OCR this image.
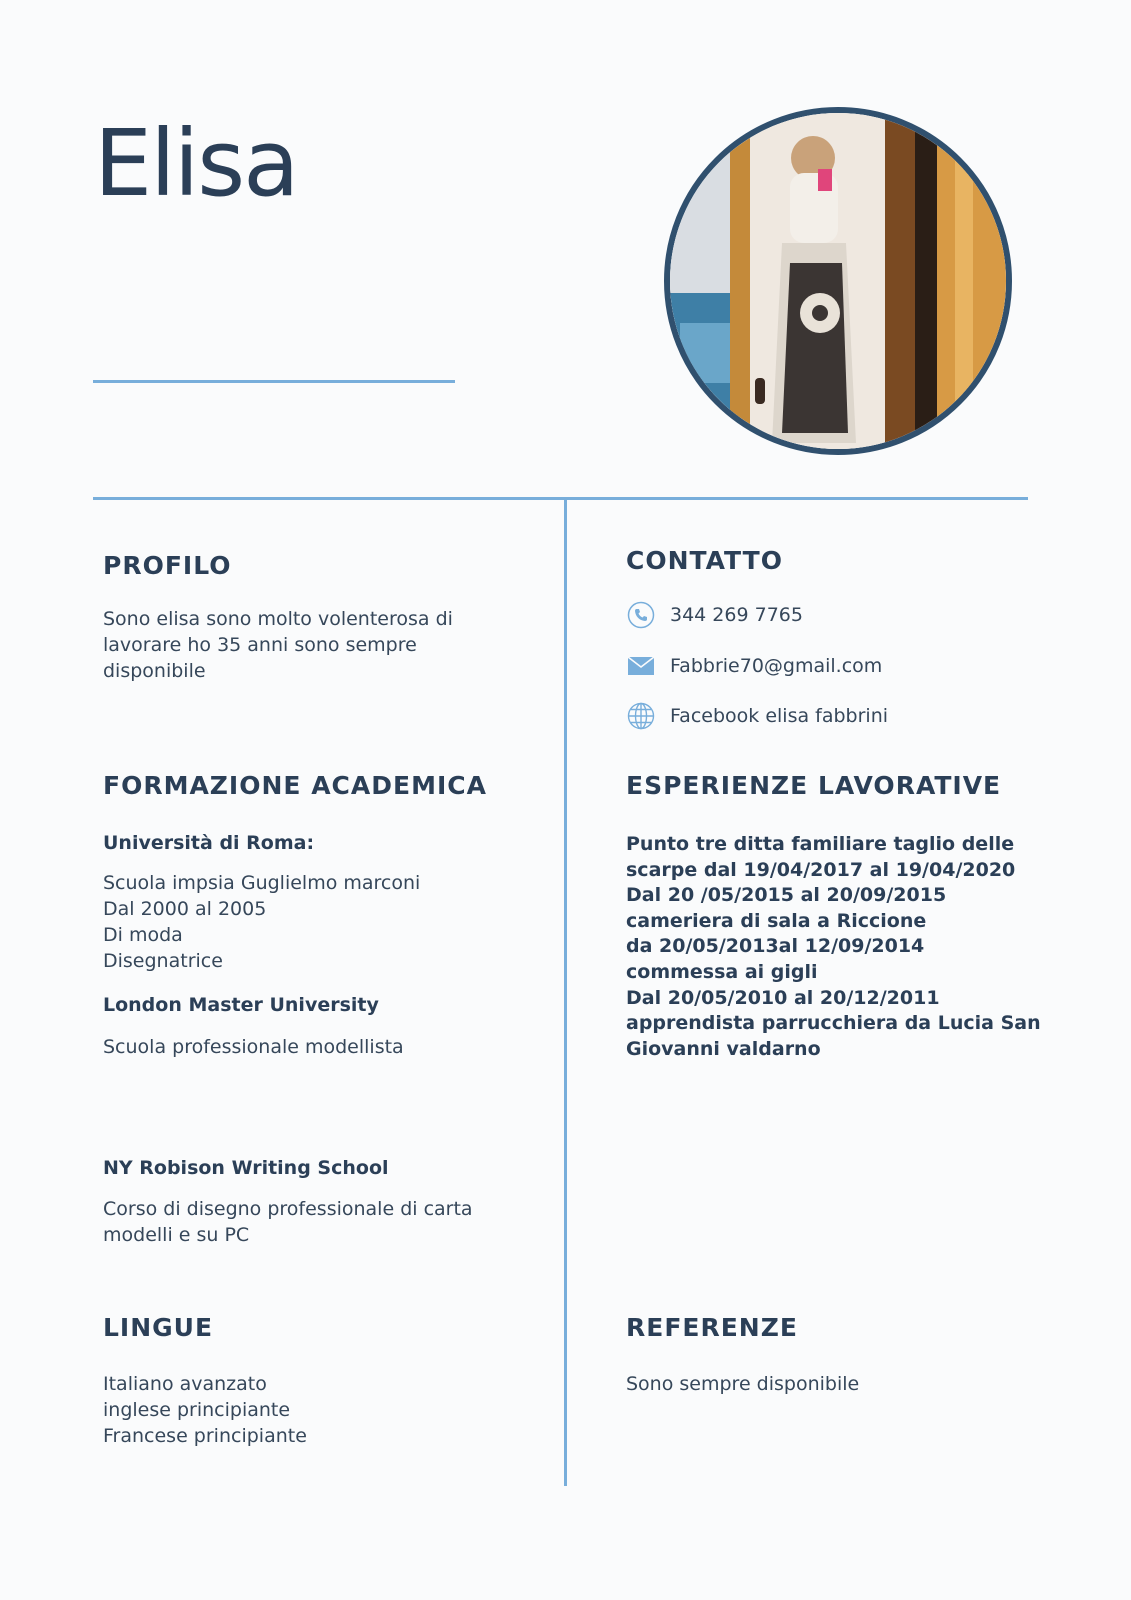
Elisa
PROFILO

Sono elisa sono molto volenterosa di
lavorare ho 35 anni sono sempre
disponibile

CONTATTO
344 269 7765
Fabbrie70@gmail.com
Facebook elisa fabbrini
FORMAZIONE ACADEMICA
Università di Roma:

Scuola impsia Guglielmo marconi
Dal 2000 al 2005
Di moda
Disegnatrice

London Master University

Scuola professionale modellista

NY Robison Writing School

Corso di disegno professionale di carta
modelli e su PC

ESPERIENZE LAVORATIVE
Punto tre ditta familiare taglio delle
scarpe dal 19/04/2017 al 19/04/2020
Dal 20 /05/2015 al 20/09/2015
cameriera di sala a Riccione
da 20/05/2013al 12/09/2014
commessa ai gigli
Dal 20/05/2010 al 20/12/2011
apprendista parrucchiera da Lucia San
Giovanni valdarno
LINGUE

Italiano avanzato
inglese principiante
Francese principiante

REFERENZE

Sono sempre disponibile
